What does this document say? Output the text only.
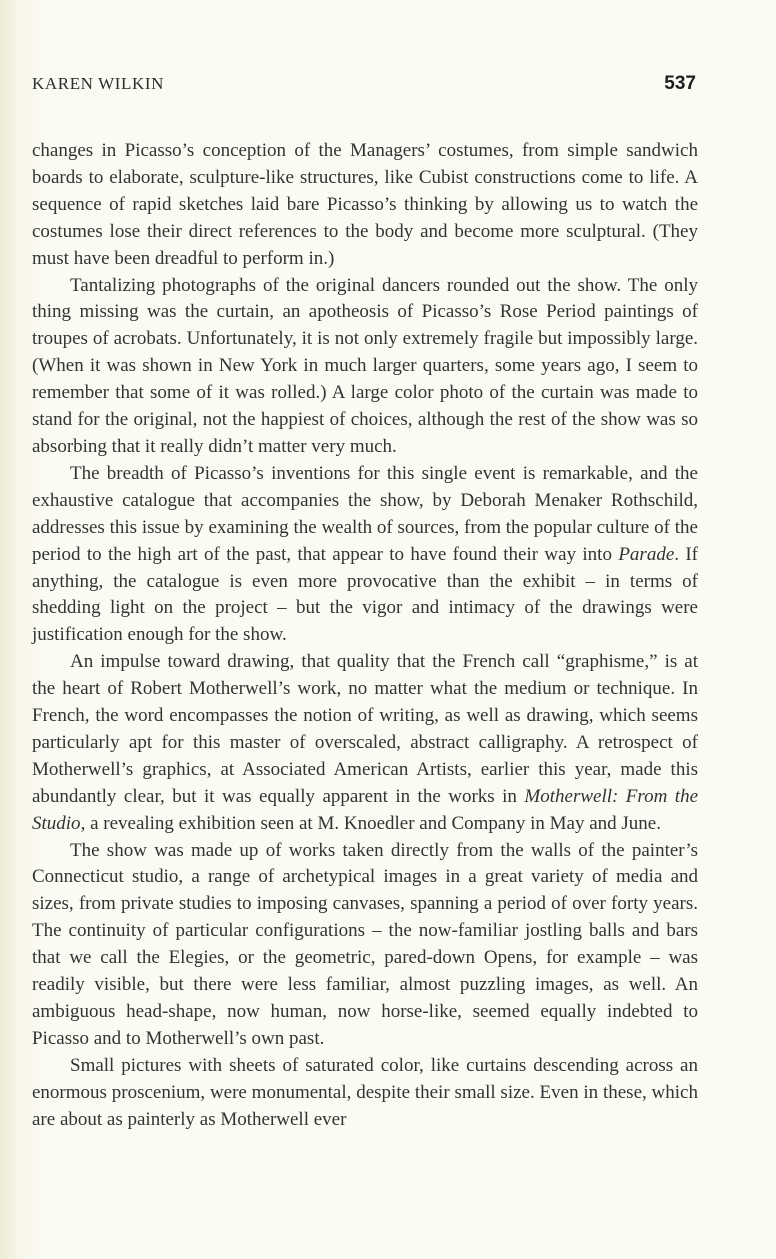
KAREN WILKIN	537

changes in Picasso’s conception of the Managers’ costumes, from simple sandwich boards to elaborate, sculpture-like structures, like Cubist constructions come to life. A sequence of rapid sketches laid bare Picasso’s thinking by allowing us to watch the costumes lose their direct references to the body and become more sculptural. (They must have been dreadful to perform in.)

Tantalizing photographs of the original dancers rounded out the show. The only thing missing was the curtain, an apotheosis of Picasso’s Rose Period paintings of troupes of acrobats. Unfortunately, it is not only extremely fragile but impossibly large. (When it was shown in New York in much larger quarters, some years ago, I seem to remember that some of it was rolled.) A large color photo of the curtain was made to stand for the original, not the happiest of choices, although the rest of the show was so absorbing that it really didn’t matter very much.

The breadth of Picasso’s inventions for this single event is remarkable, and the exhaustive catalogue that accompanies the show, by Deborah Menaker Rothschild, addresses this issue by examining the wealth of sources, from the popular culture of the period to the high art of the past, that appear to have found their way into Parade. If anything, the catalogue is even more provocative than the exhibit – in terms of shedding light on the project – but the vigor and intimacy of the drawings were justification enough for the show.

An impulse toward drawing, that quality that the French call “graphisme,” is at the heart of Robert Motherwell’s work, no matter what the medium or technique. In French, the word encompasses the notion of writing, as well as drawing, which seems particularly apt for this master of overscaled, abstract calligraphy. A retrospect of Motherwell’s graphics, at Associated American Artists, earlier this year, made this abundantly clear, but it was equally apparent in the works in Motherwell: From the Studio, a revealing exhibition seen at M. Knoedler and Company in May and June.

The show was made up of works taken directly from the walls of the painter’s Connecticut studio, a range of archetypical images in a great variety of media and sizes, from private studies to imposing canvases, spanning a period of over forty years. The continuity of particular configurations – the now-familiar jostling balls and bars that we call the Elegies, or the geometric, pared-down Opens, for example – was readily visible, but there were less familiar, almost puzzling images, as well. An ambiguous head-shape, now human, now horse-like, seemed equally indebted to Picasso and to Motherwell’s own past.

Small pictures with sheets of saturated color, like curtains descending across an enormous proscenium, were monumental, despite their small size. Even in these, which are about as painterly as Motherwell ever
